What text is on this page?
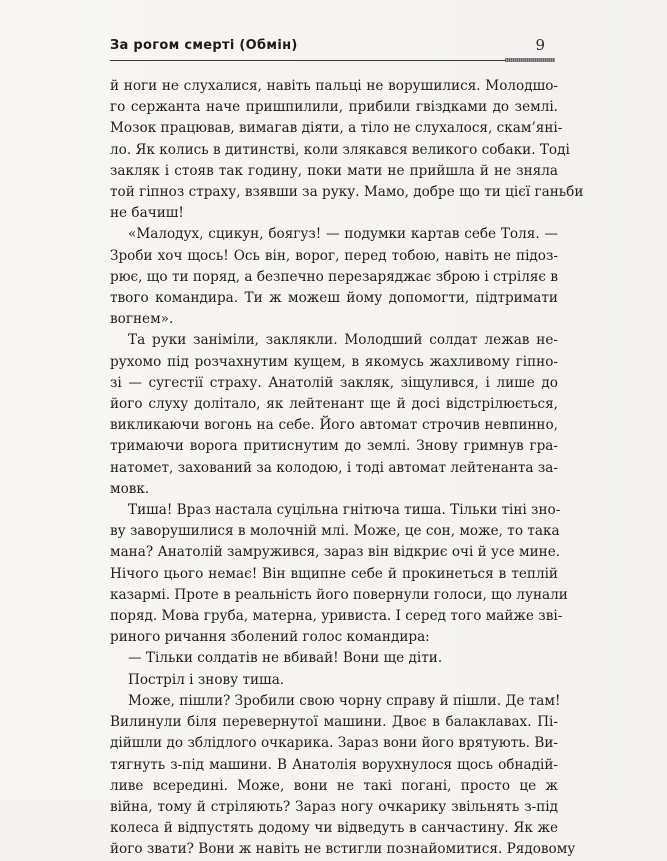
За рогом смерті (Обмін)	9
й ноги не слухалися, навіть пальці не ворушилися. Молодшо-
го сержанта наче пришпилили, прибили гвіздками до землі.
Мозок працював, вимагав діяти, а тіло не слухалося, скам’яні-
ло. Як колись в дитинстві, коли злякався великого собаки. Тоді
закляк і стояв так годину, поки мати не прийшла й не зняла
той гіпноз страху, взявши за руку. Мамо, добре що ти цієї ганьби
не бачиш!
«Малодух, сцикун, боягуз! — подумки картав себе Толя. —
Зроби хоч щось! Ось він, ворог, перед тобою, навіть не підоз-
рює, що ти поряд, а безпечно перезаряджає зброю і стріляє в
твого командира. Ти ж можеш йому допомогти, підтримати
вогнем».
Та руки заніміли, заклякли. Молодший солдат лежав не-
рухомо під розчахнутим кущем, в якомусь жахливому гіпно-
зі — сугестії страху. Анатолій закляк, зіщулився, і лише до
його слуху долітало, як лейтенант ще й досі відстрілюється,
викликаючи вогонь на себе. Його автомат строчив невпинно,
тримаючи ворога притиснутим до землі. Знову гримнув гра-
натомет, захований за колодою, і тоді автомат лейтенанта за-
мовк.
Тиша! Враз настала суцільна гнітюча тиша. Тільки тіні зно-
ву заворушилися в молочній млі. Може, це сон, може, то така
мана? Анатолій замружився, зараз він відкриє очі й усе мине.
Нічого цього немає! Він вщипне себе й прокинеться в теплій
казармі. Проте в реальність його повернули голоси, що лунали
поряд. Мова груба, матерна, уривиста. І серед того майже зві-
риного ричання зболений голос командира:
— Тільки солдатів не вбивай! Вони ще діти.
Постріл і знову тиша.
Може, пішли? Зробили свою чорну справу й пішли. Де там!
Вилинули біля перевернутої машини. Двоє в балаклавах. Пі-
дійшли до зблідлого очкарика. Зараз вони його врятують. Ви-
тягнуть з-під машини. В Анатолія ворухнулося щось обнадій-
ливе всередині. Може, вони не такі погані, просто це ж
війна, тому й стріляють? Зараз ногу очкарику звільнять з-під
колеса й відпустять додому чи відведуть в санчастину. Як же
його звати? Вони ж навіть не встигли познайомитися. Рядовому
